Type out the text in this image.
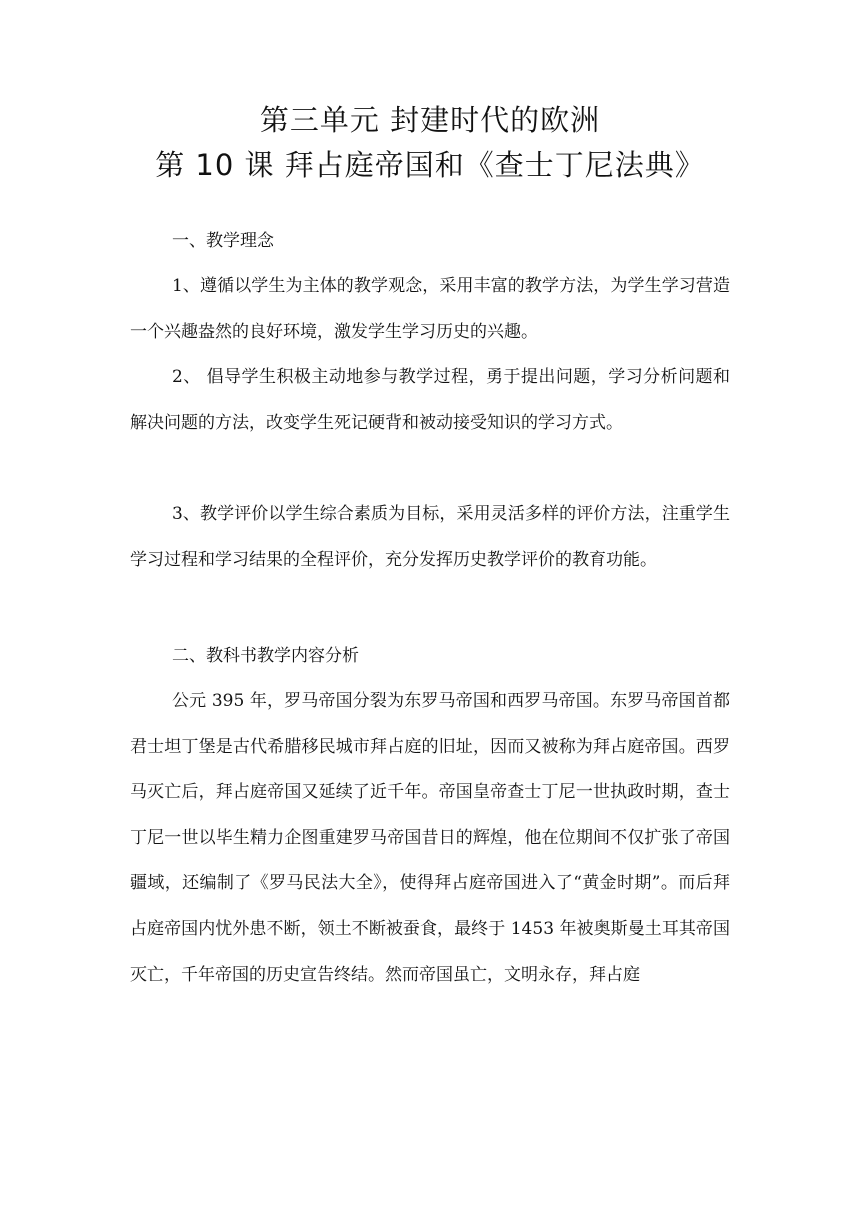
第三单元 封建时代的欧洲
第 10 课 拜占庭帝国和《查士丁尼法典》
一、教学理念

1、遵循以学生为主体的教学观念，采用丰富的教学方法，为学生学习营造一个兴趣盎然的良好环境，激发学生学习历史的兴趣。

2、 倡导学生积极主动地参与教学过程，勇于提出问题，学习分析问题和解决问题的方法，改变学生死记硬背和被动接受知识的学习方式。

3、教学评价以学生综合素质为目标，采用灵活多样的评价方法，注重学生学习过程和学习结果的全程评价，充分发挥历史教学评价的教育功能。

二、教科书教学内容分析

公元 395 年，罗马帝国分裂为东罗马帝国和西罗马帝国。东罗马帝国首都君士坦丁堡是古代希腊移民城市拜占庭的旧址，因而又被称为拜占庭帝国。西罗马灭亡后，拜占庭帝国又延续了近千年。帝国皇帝查士丁尼一世执政时期，查士丁尼一世以毕生精力企图重建罗马帝国昔日的辉煌，他在位期间不仅扩张了帝国疆域，还编制了《罗马民法大全》，使得拜占庭帝国进入了“黄金时期”。而后拜占庭帝国内忧外患不断，领土不断被蚕食，最终于 1453 年被奥斯曼土耳其帝国灭亡，千年帝国的历史宣告终结。然而帝国虽亡，文明永存，拜占庭
